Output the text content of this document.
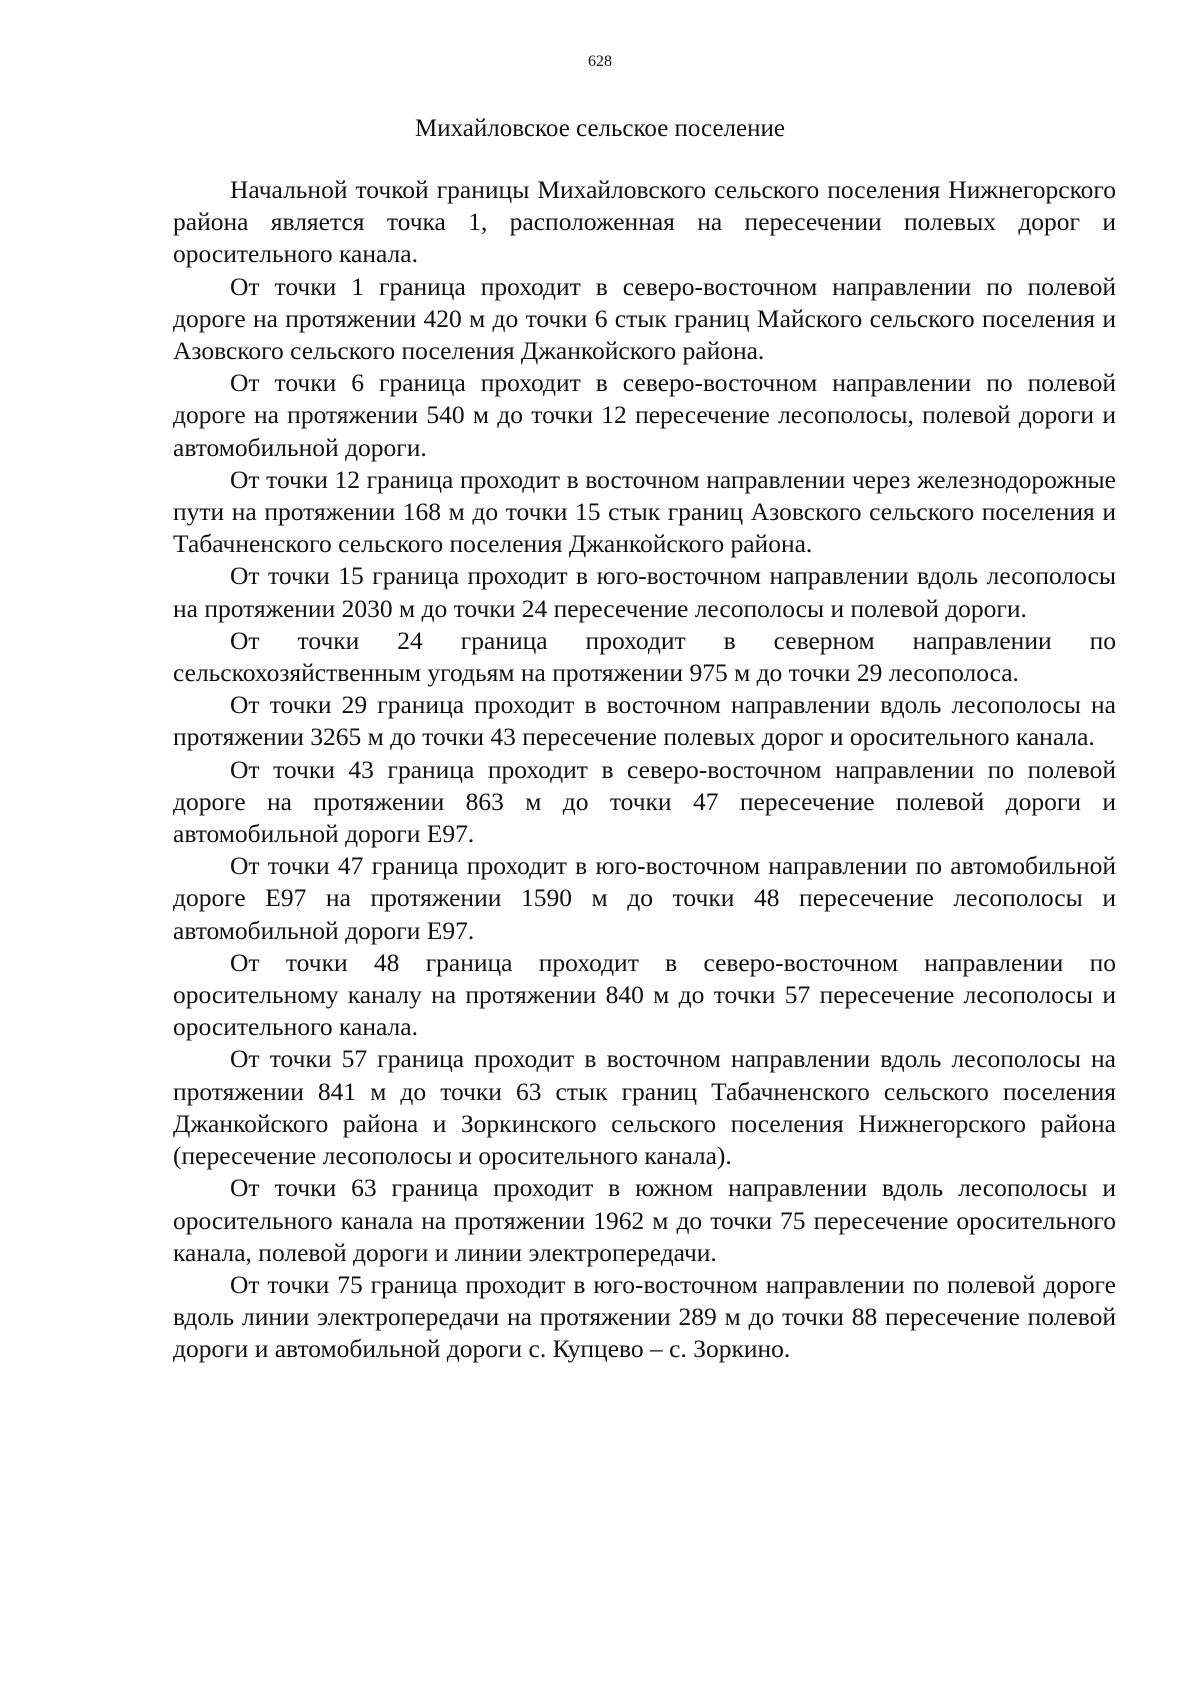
628
Михайловское сельское поселение

Начальной точкой границы Михайловского сельского поселения Нижнегорского района является точка 1, расположенная на пересечении полевых дорог и оросительного канала.

От точки 1 граница проходит в северо-восточном направлении по полевой дороге на протяжении 420 м до точки 6 стык границ Майского сельского поселения и Азовского сельского поселения Джанкойского района.

От точки 6 граница проходит в северо-восточном направлении по полевой дороге на протяжении 540 м до точки 12 пересечение лесополосы, полевой дороги и автомобильной дороги.

От точки 12 граница проходит в восточном направлении через железнодорожные пути на протяжении 168 м до точки 15 стык границ Азовского сельского поселения и Табачненского сельского поселения Джанкойского района.

От точки 15 граница проходит в юго-восточном направлении вдоль лесополосы на протяжении 2030 м до точки 24 пересечение лесополосы и полевой дороги.

От точки 24 граница проходит в северном направлении по сельскохозяйственным угодьям на протяжении 975 м до точки 29 лесополоса.

От точки 29 граница проходит в восточном направлении вдоль лесополосы на протяжении 3265 м до точки 43 пересечение полевых дорог и оросительного канала.

От точки 43 граница проходит в северо-восточном направлении по полевой дороге на протяжении 863 м до точки 47 пересечение полевой дороги и автомобильной дороги Е97.

От точки 47 граница проходит в юго-восточном направлении по автомобильной дороге Е97 на протяжении 1590 м до точки 48 пересечение лесополосы и автомобильной дороги Е97.

От точки 48 граница проходит в северо-восточном направлении по оросительному каналу на протяжении 840 м до точки 57 пересечение лесополосы и оросительного канала.

От точки 57 граница проходит в восточном направлении вдоль лесополосы на протяжении 841 м до точки 63 стык границ Табачненского сельского поселения Джанкойского района и Зоркинского сельского поселения Нижнегорского района (пересечение лесополосы и оросительного канала).

От точки 63 граница проходит в южном направлении вдоль лесополосы и оросительного канала на протяжении 1962 м до точки 75 пересечение оросительного канала, полевой дороги и линии электропередачи.

От точки 75 граница проходит в юго-восточном направлении по полевой дороге вдоль линии электропередачи на протяжении 289 м до точки 88 пересечение полевой дороги и автомобильной дороги с. Купцево – с. Зоркино.
